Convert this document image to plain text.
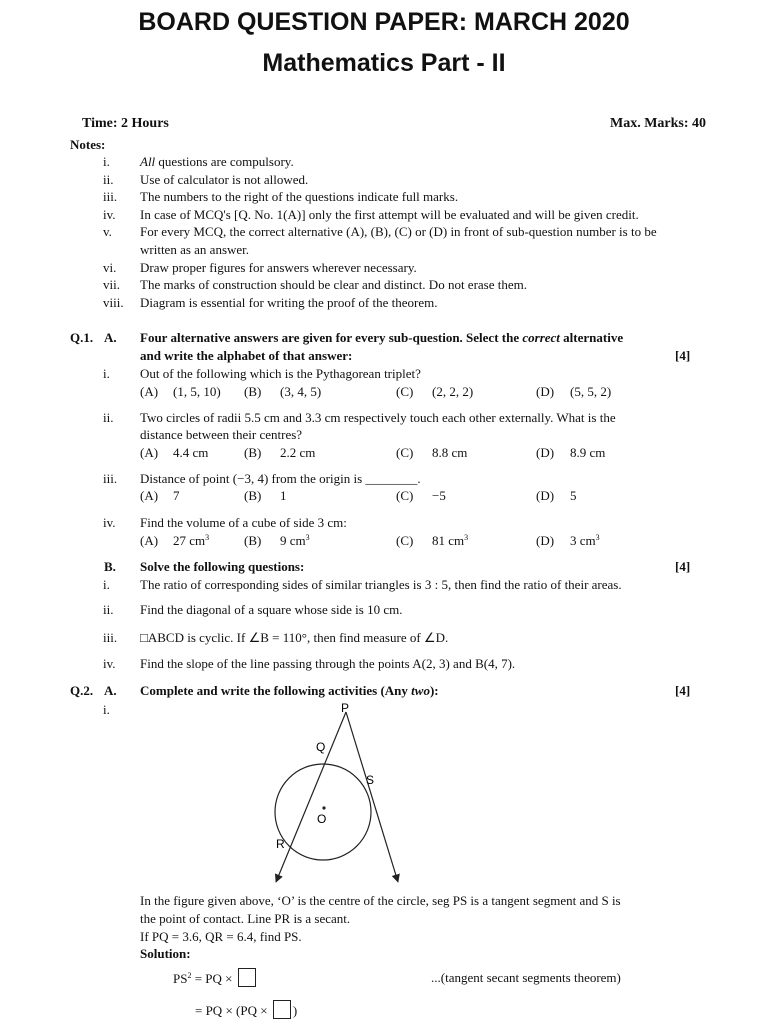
BOARD QUESTION PAPER: MARCH 2020
Mathematics Part - II
Time: 2 Hours	Max. Marks: 40
Notes:
i. All questions are compulsory.
ii. Use of calculator is not allowed.
iii. The numbers to the right of the questions indicate full marks.
iv. In case of MCQ's [Q. No. 1(A)] only the first attempt will be evaluated and will be given credit.
v. For every MCQ, the correct alternative (A), (B), (C) or (D) in front of sub-question number is to be
written as an answer.
vi. Draw proper figures for answers wherever necessary.
vii. The marks of construction should be clear and distinct. Do not erase them.
viii. Diagram is essential for writing the proof of the theorem.
Q.1. A. Four alternative answers are given for every sub-question. Select the correct alternative
and write the alphabet of that answer:	[4]
i. Out of the following which is the Pythagorean triplet?
(A) (1, 5, 10) (B) (3, 4, 5)	(C) (2, 2, 2)	(D) (5, 5, 2)
ii. Two circles of radii 5.5 cm and 3.3 cm respectively touch each other externally. What is the
distance between their centres?
(A) 4.4 cm	(B) 2.2 cm	(C) 8.8 cm	(D) 8.9 cm
iii. Distance of point (−3, 4) from the origin is ________.
(A) 7	(B) 1	(C) −5	(D) 5
iv. Find the volume of a cube of side 3 cm:
(A) 27 $cm^3$	(B) 9 $cm^3$	(C) 81 $cm^3$	(D) 3 $cm^3$
B. Solve the following questions:	[4]
i. The ratio of corresponding sides of similar triangles is 3 : 5, then find the ratio of their areas.
ii. Find the diagonal of a square whose side is 10 cm.
iii. □ABCD is cyclic. If ∠B = 110°, then find measure of ∠D.
iv. Find the slope of the line passing through the points A(2, 3) and B(4, 7).
Q.2. A. Complete and write the following activities (Any two):	[4]
i.	P
Q
S
O
R
In the figure given above, ‘O’ is the centre of the circle, seg PS is a tangent segment and S is
the point of contact. Line PR is a secant.
If PQ = 3.6, QR = 6.4, find PS.
Solution:
$PS^2$ = PQ ×	...(tangent secant segments theorem)
= PQ × (PQ × )
